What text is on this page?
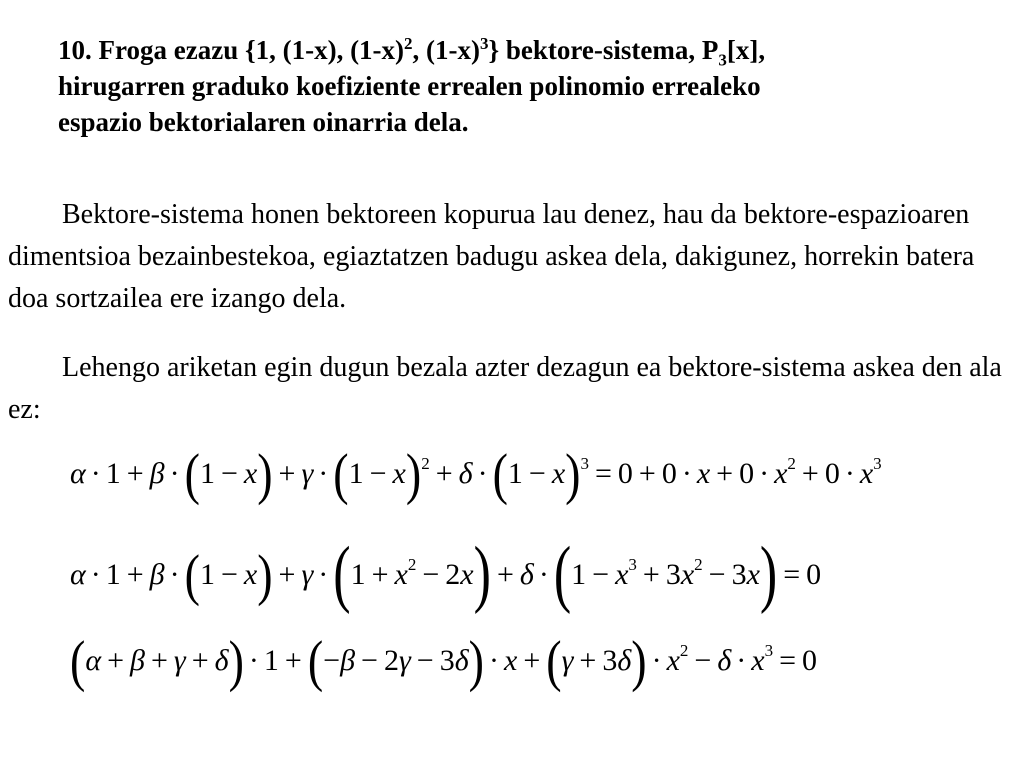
10. Froga ezazu {1, (1-x), $(1-x)^2$, $(1-x)^3$} bektore-sistema, $P_3[x]$,
hirugarren graduko koefiziente errealen polinomio errealeko
espazio bektorialaren oinarria dela.
Bektore-sistema honen bektoreen kopurua lau denez, hau da bektore-espazioaren dimentsioa bezainbestekoa, egiaztatzen badugu askea dela, dakigunez, horrekin batera doa sortzailea ere izango dela.
Lehengo ariketan egin dugun bezala azter dezagun ea bektore-sistema askea den ala ez:
α · 1 + β · ( 1 − x ) + γ · ( 1 − x )$^2$ + δ · ( 1 − x )$^3 = 0 + 0 \cdot x + 0 \cdot x^2 + 0 \cdot x^3$
α · 1 + β · ( 1 − x ) + γ · ( $1 + x^2 - 2$ x ) + δ · ( $1 - x^3 + 3$ $x^2 - 3$ x ) = 0
( α + β + γ + δ ) · 1 + ( − β − 2 γ − 3 δ ) · x + ( γ + 3 δ ) · $x^2 - \delta \cdot x^3 = 0$
